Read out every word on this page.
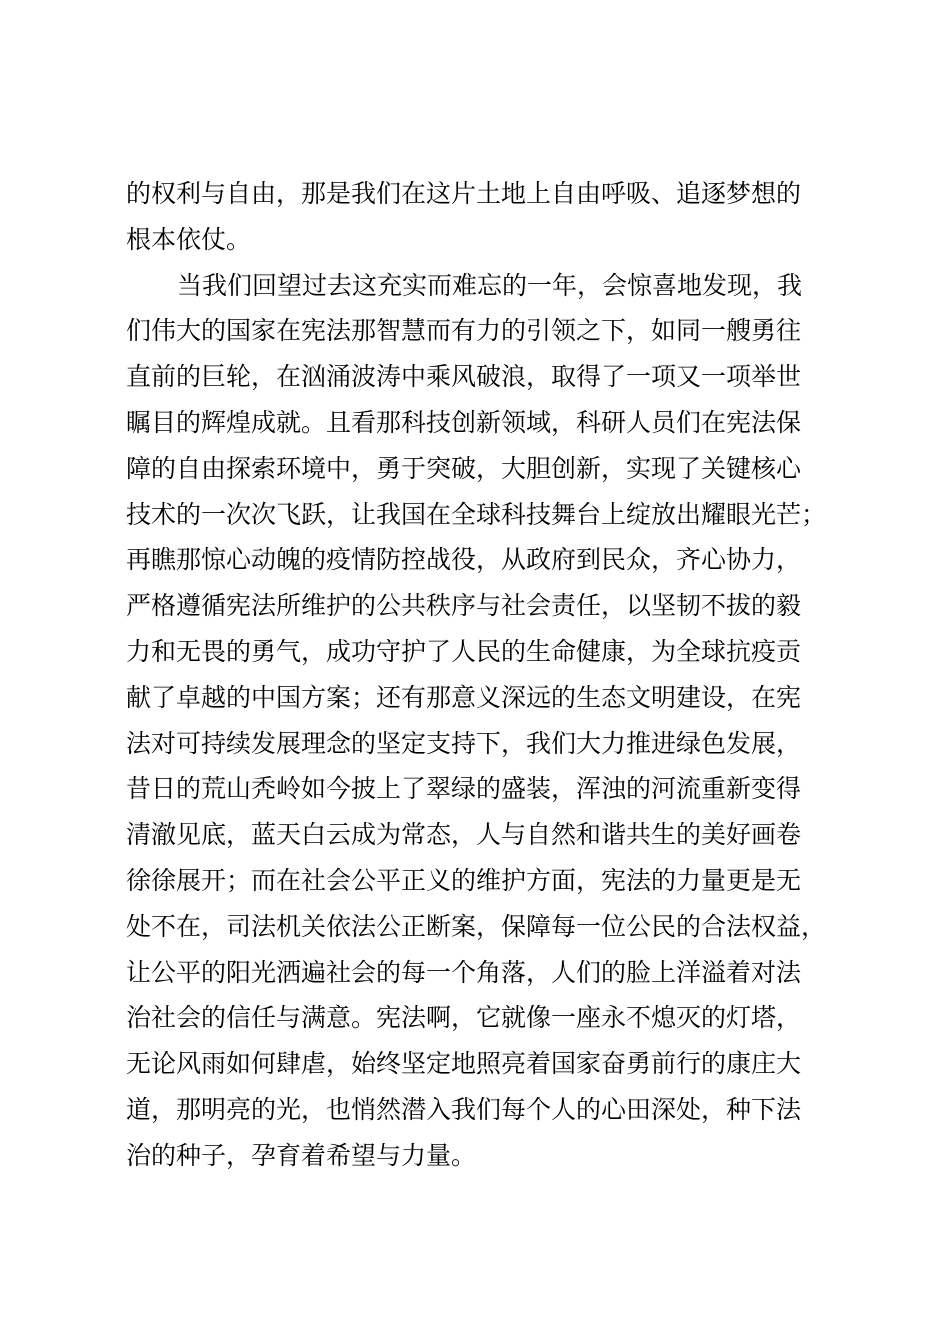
的权利与自由，那是我们在这片土地上自由呼吸、追逐梦想的
根本依仗。
当我们回望过去这充实而难忘的一年，会惊喜地发现，我
们伟大的国家在宪法那智慧而有力的引领之下，如同一艘勇往
直前的巨轮，在汹涌波涛中乘风破浪，取得了一项又一项举世
瞩目的辉煌成就。且看那科技创新领域，科研人员们在宪法保
障的自由探索环境中，勇于突破，大胆创新，实现了关键核心
技术的一次次飞跃，让我国在全球科技舞台上绽放出耀眼光芒；
再瞧那惊心动魄的疫情防控战役，从政府到民众，齐心协力，
严格遵循宪法所维护的公共秩序与社会责任，以坚韧不拔的毅
力和无畏的勇气，成功守护了人民的生命健康，为全球抗疫贡
献了卓越的中国方案；还有那意义深远的生态文明建设，在宪
法对可持续发展理念的坚定支持下，我们大力推进绿色发展，
昔日的荒山秃岭如今披上了翠绿的盛装，浑浊的河流重新变得
清澈见底，蓝天白云成为常态，人与自然和谐共生的美好画卷
徐徐展开；而在社会公平正义的维护方面，宪法的力量更是无
处不在，司法机关依法公正断案，保障每一位公民的合法权益，
让公平的阳光洒遍社会的每一个角落，人们的脸上洋溢着对法
治社会的信任与满意。宪法啊，它就像一座永不熄灭的灯塔，
无论风雨如何肆虐，始终坚定地照亮着国家奋勇前行的康庄大
道，那明亮的光，也悄然潜入我们每个人的心田深处，种下法
治的种子，孕育着希望与力量。
